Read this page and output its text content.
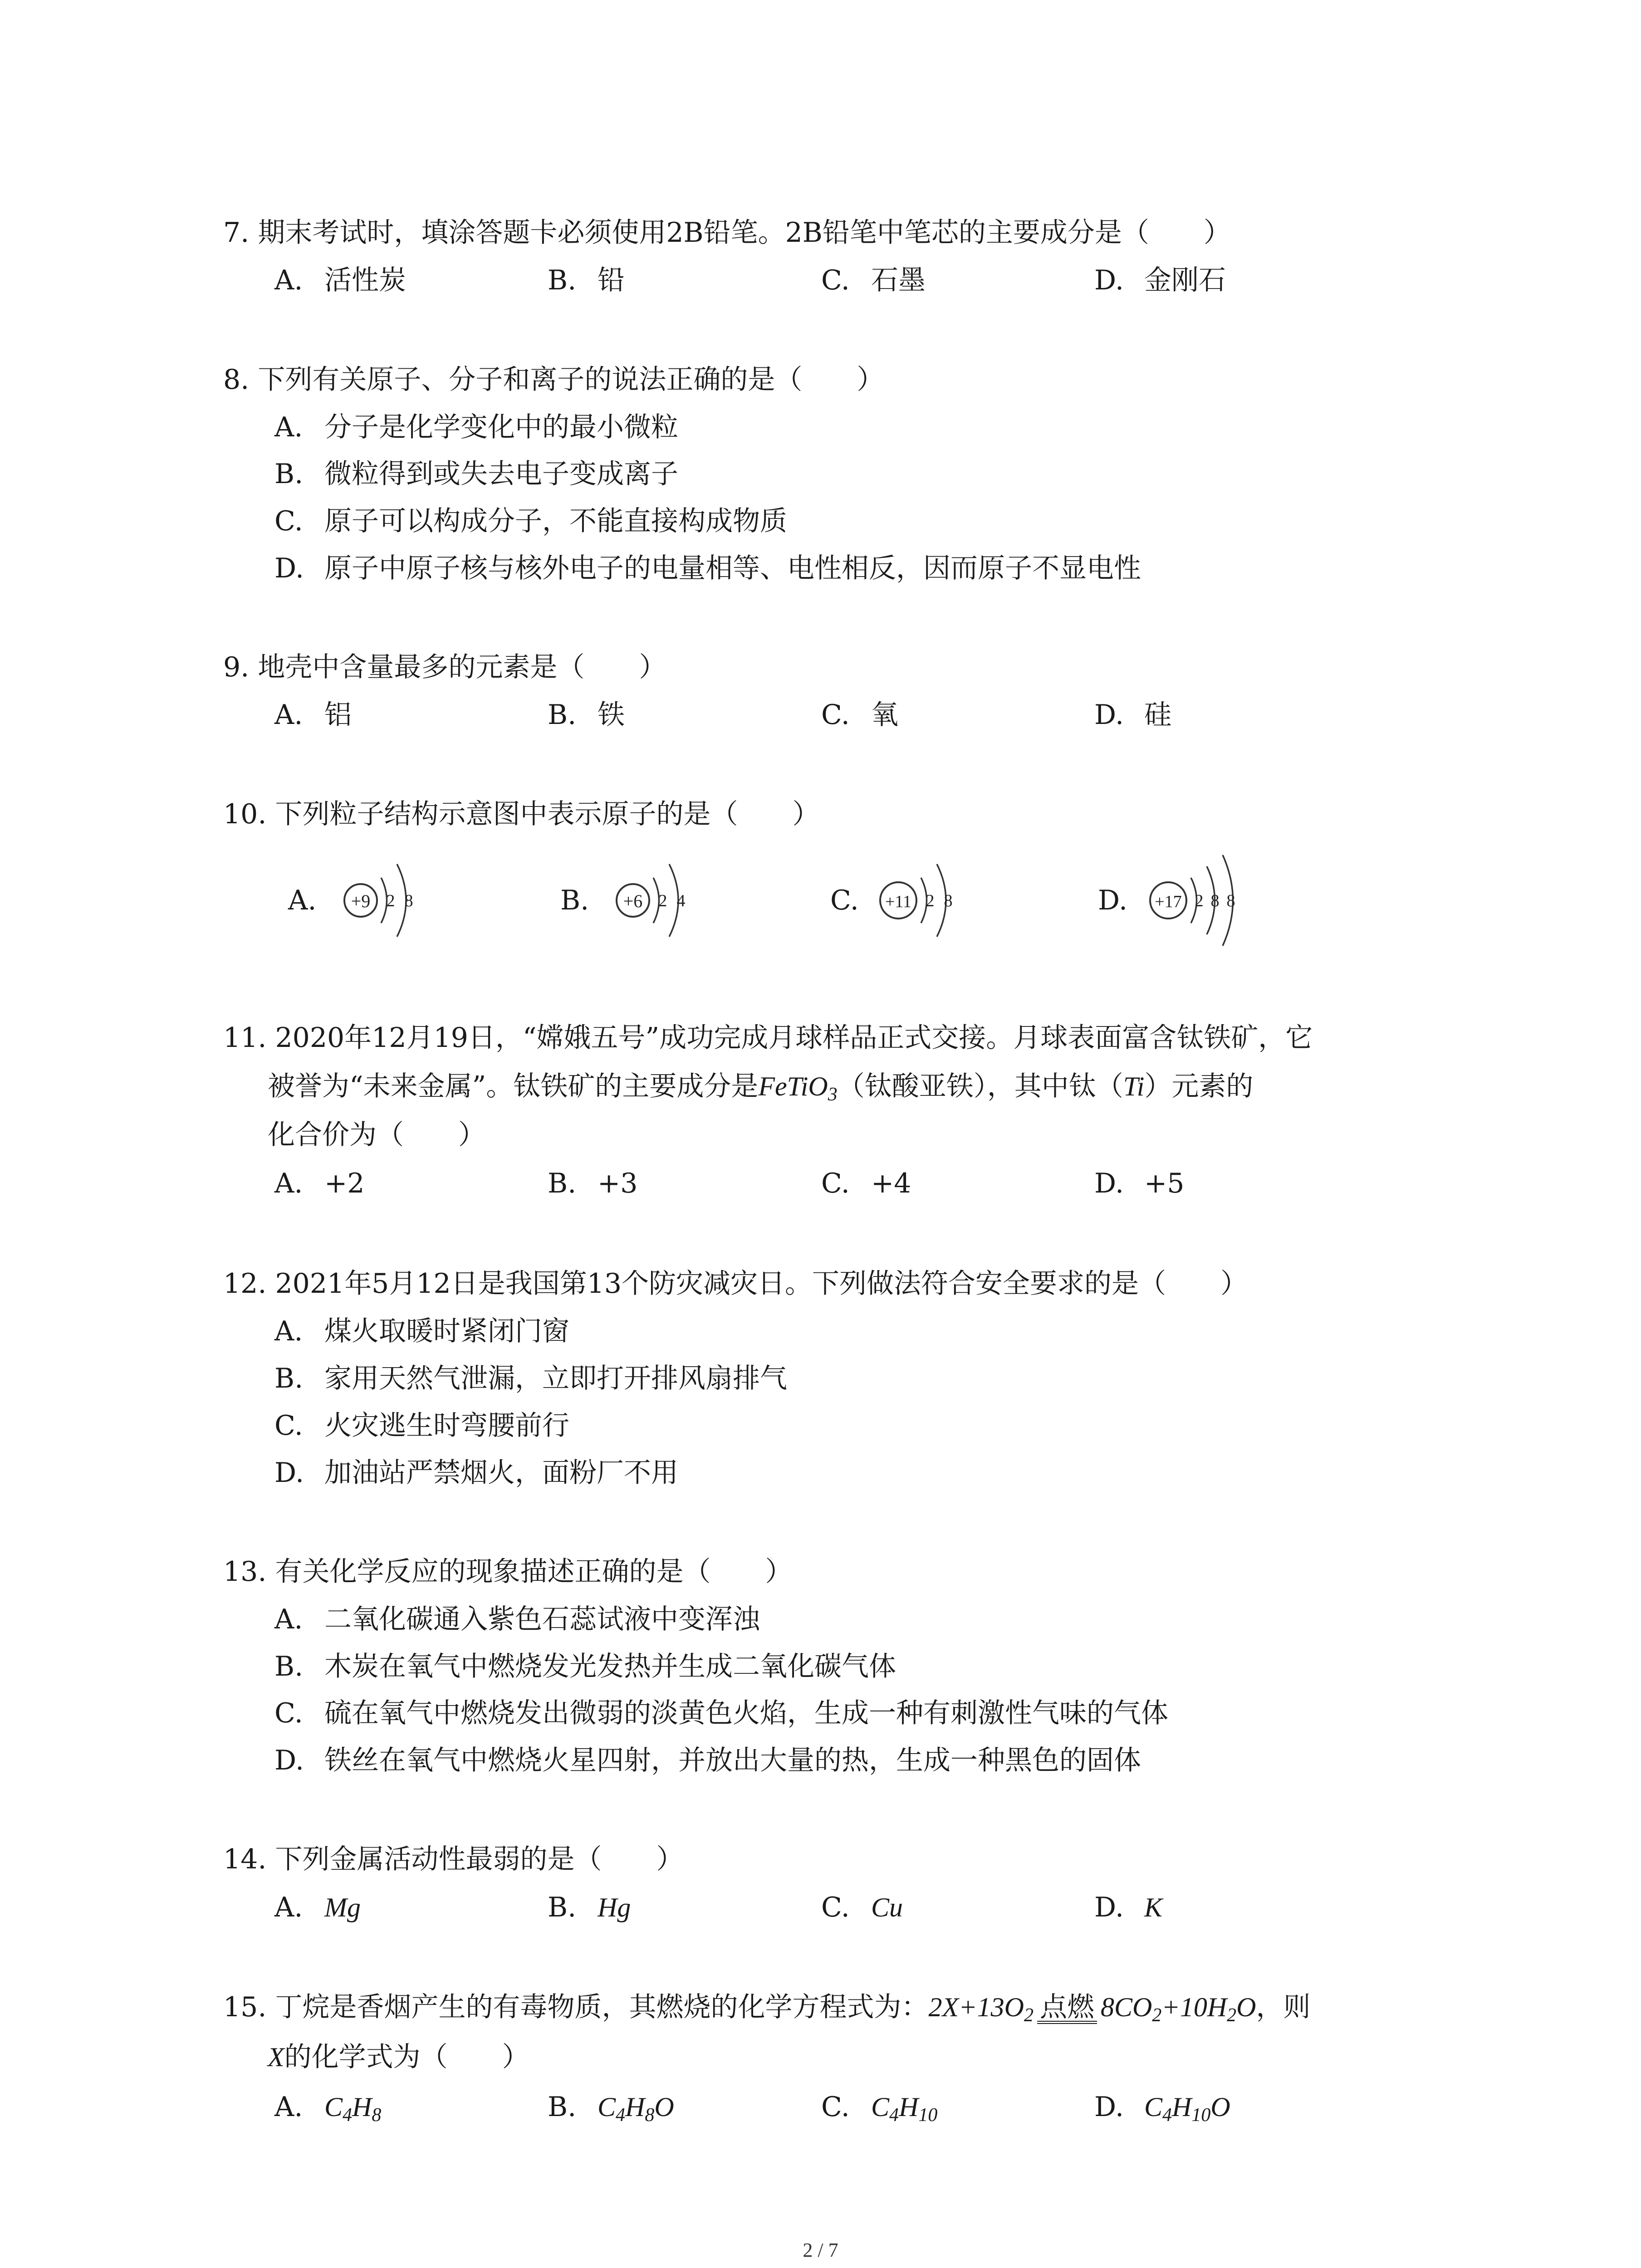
7. 期末考试时，填涂答题卡必须使用2B铅笔。2B铅笔中笔芯的主要成分是（　　）
A. 活性炭	B. 铅	C. 石墨	D. 金刚石
8. 下列有关原子、分子和离子的说法正确的是（　　）
A. 分子是化学变化中的最小微粒
B. 微粒得到或失去电子变成离子
C. 原子可以构成分子，不能直接构成物质
D. 原子中原子核与核外电子的电量相等、电性相反，因而原子不显电性
9. 地壳中含量最多的元素是（　　）
A. 铝	B. 铁	C. 氧	D. 硅
10. 下列粒子结构示意图中表示原子的是（　　）
A. +9 2 8	B. +6 2 4	C. +11 2 8	D. +17 2 8 8
11. 2020年12月19日，“嫦娥五号”成功完成月球样品正式交接。月球表面富含钛铁矿，它
被誉为“未来金属”。钛铁矿的主要成分是FeTiO$_3$（钛酸亚铁），其中钛（Ti）元素的
化合价为（　　）
A. +2	B. +3	C. +4	D. +5
12. 2021年5月12日是我国第13个防灾减灾日。下列做法符合安全要求的是（　　）
A. 煤火取暖时紧闭门窗
B. 家用天然气泄漏，立即打开排风扇排气
C. 火灾逃生时弯腰前行
D. 加油站严禁烟火，面粉厂不用
13. 有关化学反应的现象描述正确的是（　　）
A. 二氧化碳通入紫色石蕊试液中变浑浊
B. 木炭在氧气中燃烧发光发热并生成二氧化碳气体
C. 硫在氧气中燃烧发出微弱的淡黄色火焰，生成一种有刺激性气味的气体
D. 铁丝在氧气中燃烧火星四射，并放出大量的热，生成一种黑色的固体
14. 下列金属活动性最弱的是（　　）
A. Mg	B. Hg	C. Cu	D. K
15. 丁烷是香烟产生的有毒物质，其燃烧的化学方程式为：$2X+13O_2$ 点燃 $8CO_2+10H_2O$，则
X的化学式为（　　）
A. $C_4H_8$	B. $C_4H_8O$	C. $C_4H_{10}$	D. $C_4H_{10}O$
2 / 7
